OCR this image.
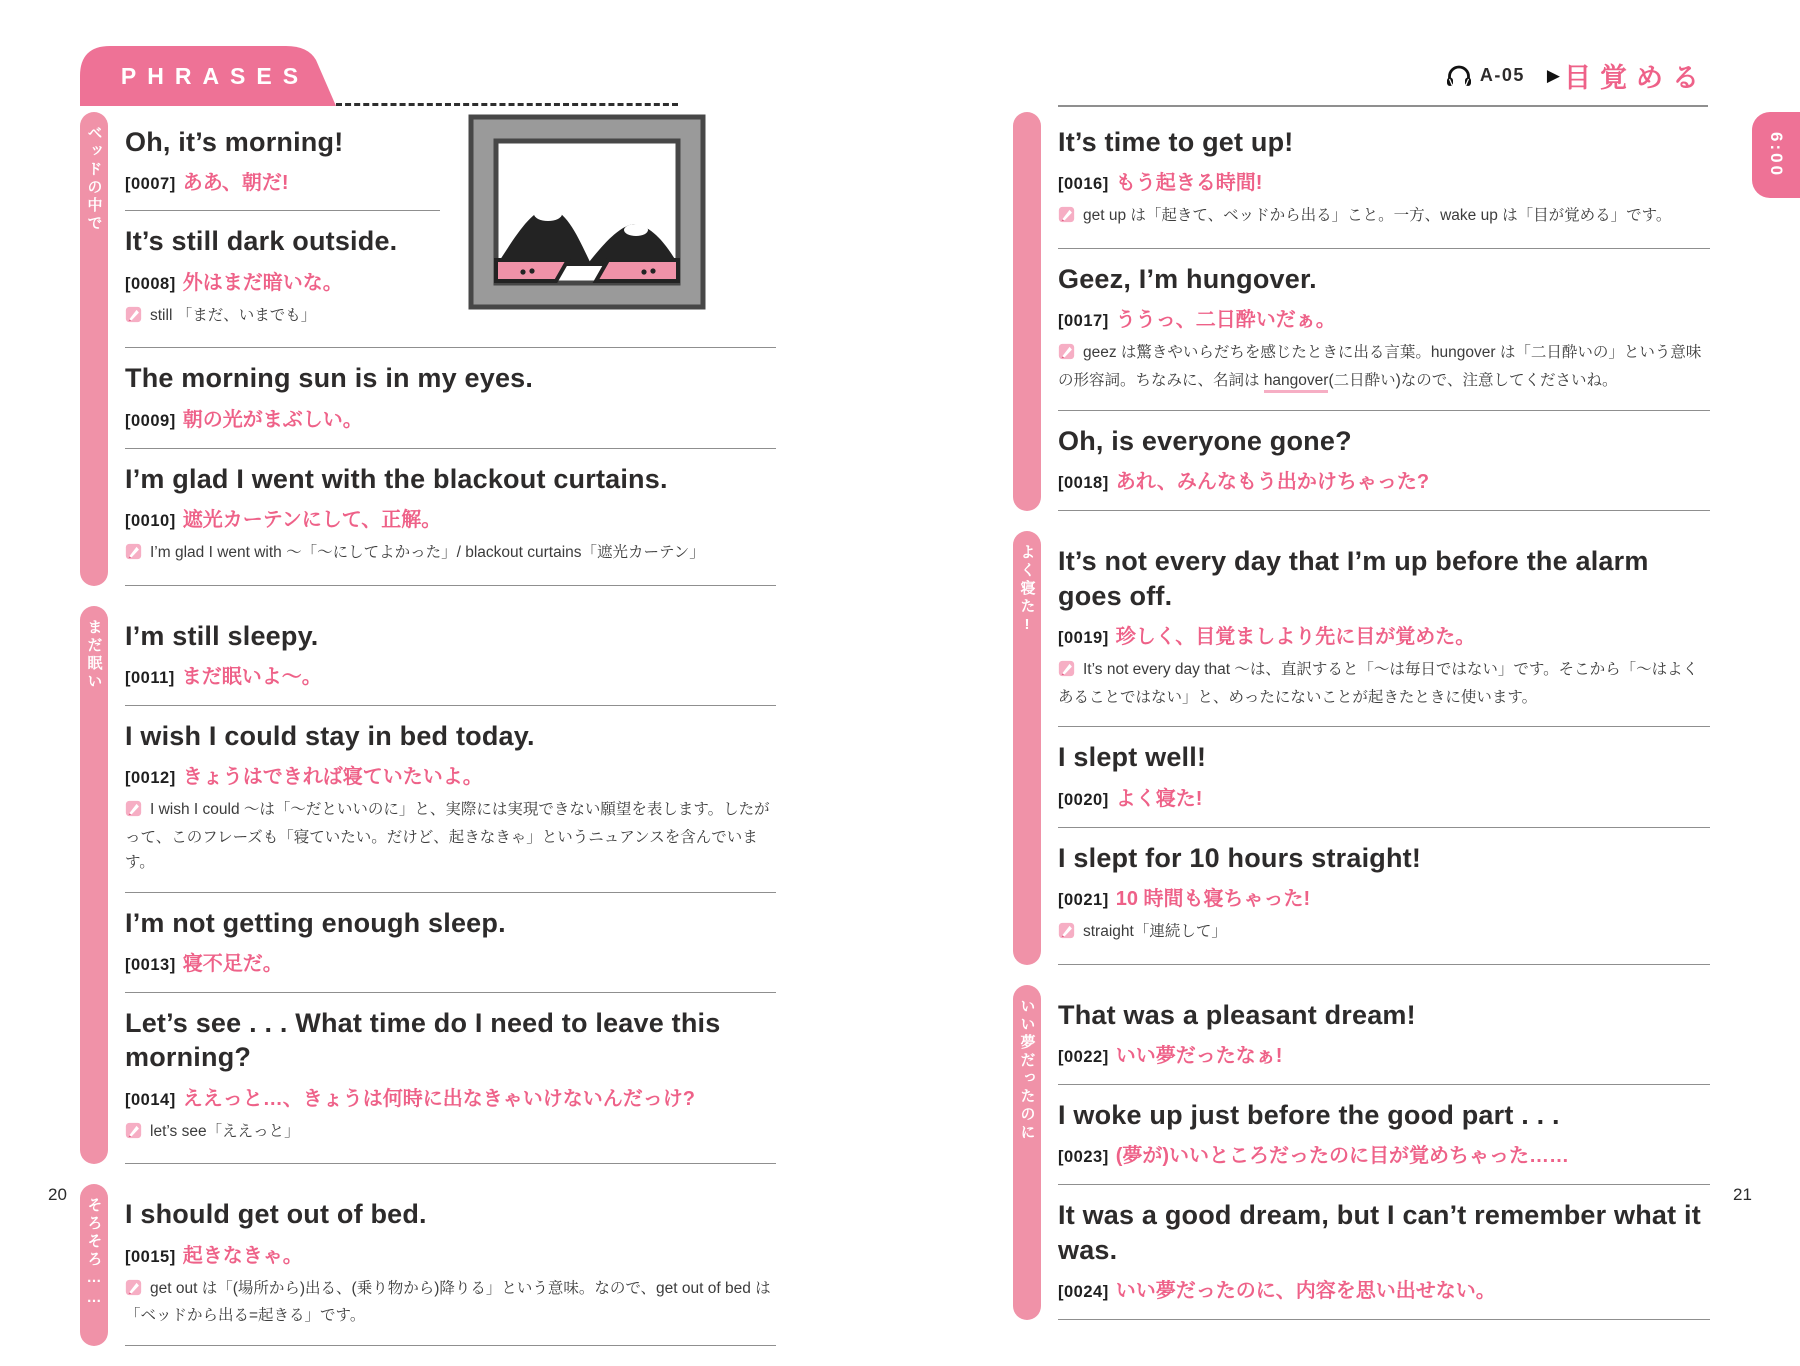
PHRASES
ベッドの中で Oh, it’s morning!

[0007] ああ、朝だ!

It’s still dark outside.

[0008] 外はまだ暗いな。

still 「まだ、いまでも」

The morning sun is in my eyes.

[0009] 朝の光がまぶしい。

I’m glad I went with the blackout curtains.

[0010] 遮光カーテンにして、正解。

I’m glad I went with 〜「〜にしてよかった」/ blackout curtains「遮光カーテン」

まだ眠い I’m still sleepy.

[0011] まだ眠いよ〜。

I wish I could stay in bed today.

[0012] きょうはできれば寝ていたいよ。

I wish I could 〜は「〜だといいのに」と、実際には実現できない願望を表します。したがって、このフレーズも「寝ていたい。だけど、起きなきゃ」というニュアンスを含んでいます。

I’m not getting enough sleep.

[0013] 寝不足だ。

Let’s see . . . What time do I need to leave this morning?

[0014] ええっと…、きょうは何時に出なきゃいけないんだっけ?

let’s see「ええっと」

そろそろ…… I should get out of bed.

[0015] 起きなきゃ。

get out は「(場所から)出る、(乗り物から)降りる」という意味。なので、get out of bed は「ベッドから出る=起きる」です。

20
A-05 ▶ 目覚める
6:00
It’s time to get up!

[0016] もう起きる時間!

get up は「起きて、ベッドから出る」こと。一方、wake up は「目が覚める」です。

Geez, I’m hungover.

[0017] ううっ、二日酔いだぁ。

geez は驚きやいらだちを感じたときに出る言葉。hungover は「二日酔いの」という意味の形容詞。ちなみに、名詞は hangover(二日酔い)なので、注意してくださいね。

Oh, is everyone gone?

[0018] あれ、みんなもう出かけちゃった?

よく寝た! It’s not every day that I’m up before the alarm goes off.

[0019] 珍しく、目覚ましより先に目が覚めた。

It’s not every day that 〜は、直訳すると「〜は毎日ではない」です。そこから「〜はよくあることではない」と、めったにないことが起きたときに使います。

I slept well!

[0020] よく寝た!

I slept for 10 hours straight!

[0021] 10 時間も寝ちゃった!

straight「連続して」

いい夢だったのに That was a pleasant dream!

[0022] いい夢だったなぁ!

I woke up just before the good part . . .

[0023] (夢が)いいところだったのに目が覚めちゃった……

It was a good dream, but I can’t remember what it was.

[0024] いい夢だったのに、内容を思い出せない。

21
